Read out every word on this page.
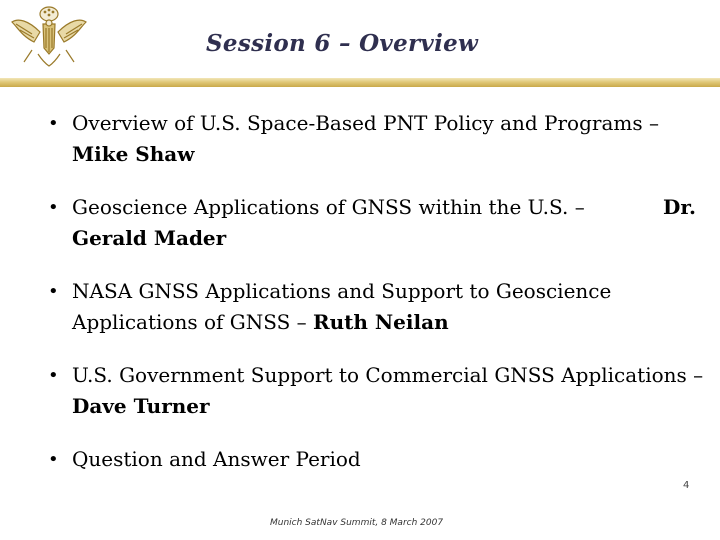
Session 6 – Overview
• Overview of U.S. Space-Based PNT Policy and Programs –
Mike Shaw
• Geoscience Applications of GNSS within the U.S. –	Dr.

Gerald Mader
• NASA GNSS Applications and Support to Geoscience Applications of GNSS – Ruth Neilan
• U.S. Government Support to Commercial GNSS Applications –Dave Turner
• Question and Answer Period
4
Munich SatNav Summit, 8 March 2007
